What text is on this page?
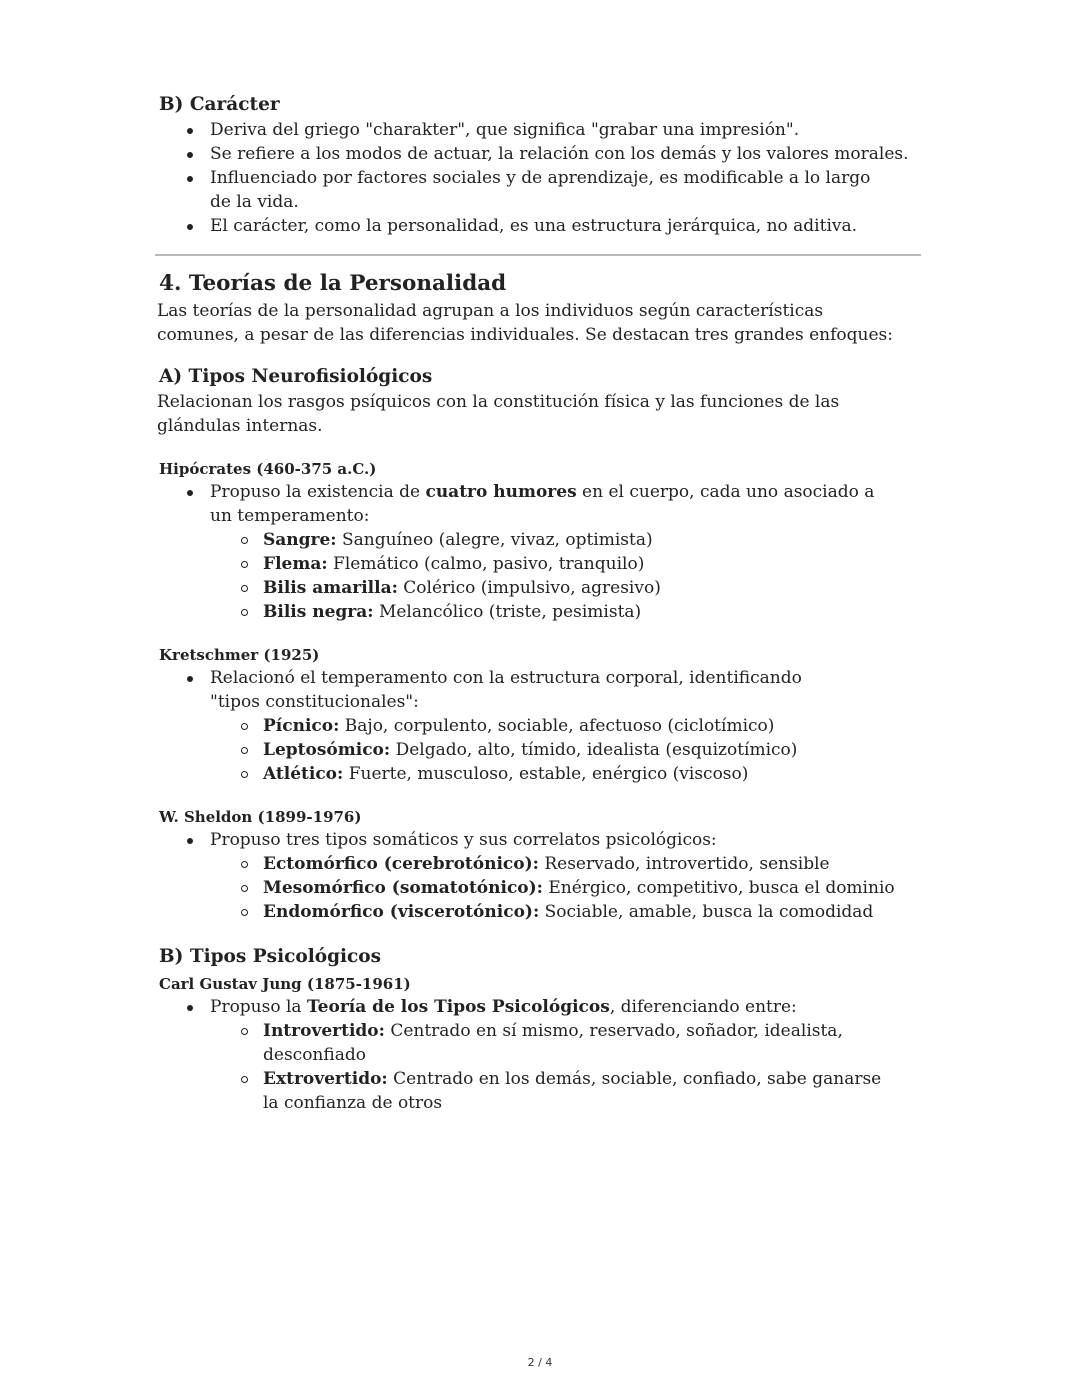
B) Carácter
Deriva del griego "charakter", que significa "grabar una impresión".
Se refiere a los modos de actuar, la relación con los demás y los valores morales.
Influenciado por factores sociales y de aprendizaje, es modificable a lo largo de la vida.
El carácter, como la personalidad, es una estructura jerárquica, no aditiva.
4. Teorías de la Personalidad

Las teorías de la personalidad agrupan a los individuos según características comunes, a pesar de las diferencias individuales. Se destacan tres grandes enfoques:

A) Tipos Neurofisiológicos

Relacionan los rasgos psíquicos con la constitución física y las funciones de las glándulas internas.

Hipócrates (460-375 a.C.)
Propuso la existencia de cuatro humores en el cuerpo, cada uno asociado a un temperamento:
Sangre: Sanguíneo (alegre, vivaz, optimista)
Flema: Flemático (calmo, pasivo, tranquilo)
Bilis amarilla: Colérico (impulsivo, agresivo)
Bilis negra: Melancólico (triste, pesimista)
Kretschmer (1925)
Relacionó el temperamento con la estructura corporal, identificando "tipos constitucionales":
Pícnico: Bajo, corpulento, sociable, afectuoso (ciclotímico)
Leptosómico: Delgado, alto, tímido, idealista (esquizotímico)
Atlético: Fuerte, musculoso, estable, enérgico (viscoso)
W. Sheldon (1899-1976)
Propuso tres tipos somáticos y sus correlatos psicológicos:
Ectomórfico (cerebrotónico): Reservado, introvertido, sensible
Mesomórfico (somatotónico): Enérgico, competitivo, busca el dominio
Endomórfico (viscerotónico): Sociable, amable, busca la comodidad
B) Tipos Psicológicos
Carl Gustav Jung (1875-1961)
Propuso la Teoría de los Tipos Psicológicos, diferenciando entre:
Introvertido: Centrado en sí mismo, reservado, soñador, idealista, desconfiado
Extrovertido: Centrado en los demás, sociable, confiado, sabe ganarse la confianza de otros
2 / 4
